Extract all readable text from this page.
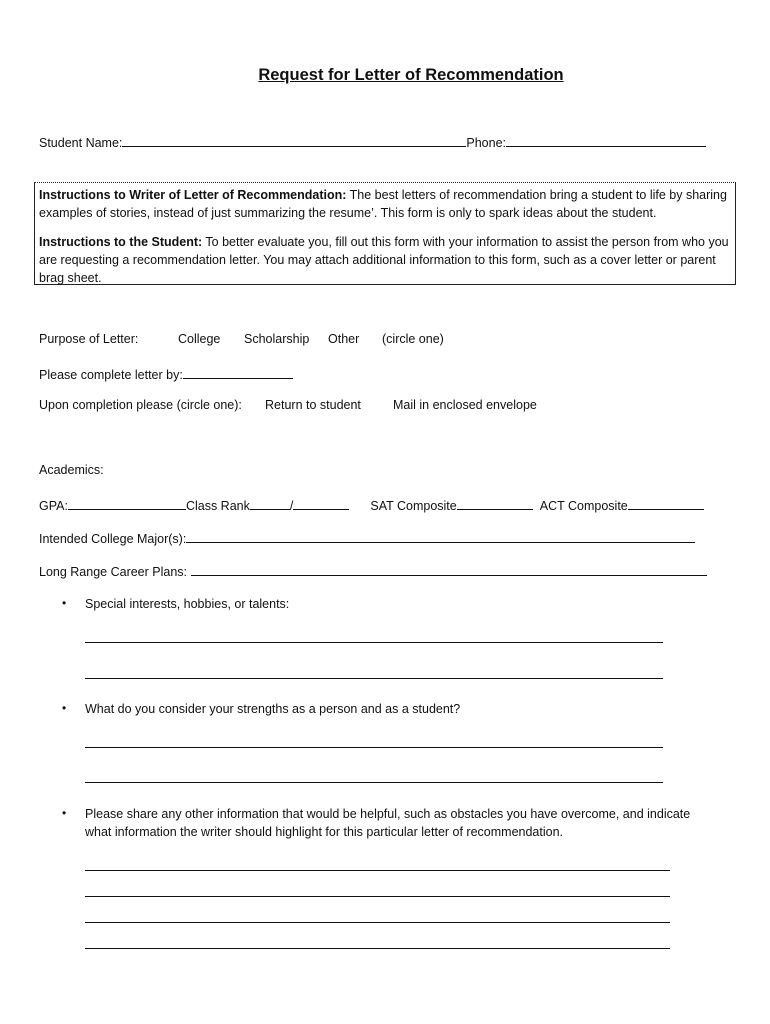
Request for Letter of Recommendation
Student Name:	Phone:

Instructions to Writer of Letter of Recommendation: The best letters of recommendation bring a student to life by sharing examples of stories, instead of just summarizing the resume’. This form is only to spark ideas about the student.

Instructions to the Student: To better evaluate you, fill out this form with your information to assist the person from who you are requesting a recommendation letter. You may attach additional information to this form, such as a cover letter or parent brag sheet.

Purpose of Letter:	College Scholarship Other (circle one)
Please complete letter by:
Upon completion please (circle one): Return to student	Mail in enclosed envelope
Academics:
GPA:	Class Rank	/	SAT Composite	ACT Composite
Intended College Major(s):
Long Range Career Plans:
• Special interests, hobbies, or talents:
• What do you consider your strengths as a person and as a student?
• Please share any other information that would be helpful, such as obstacles you have overcome, and indicate what information the writer should highlight for this particular letter of recommendation.
